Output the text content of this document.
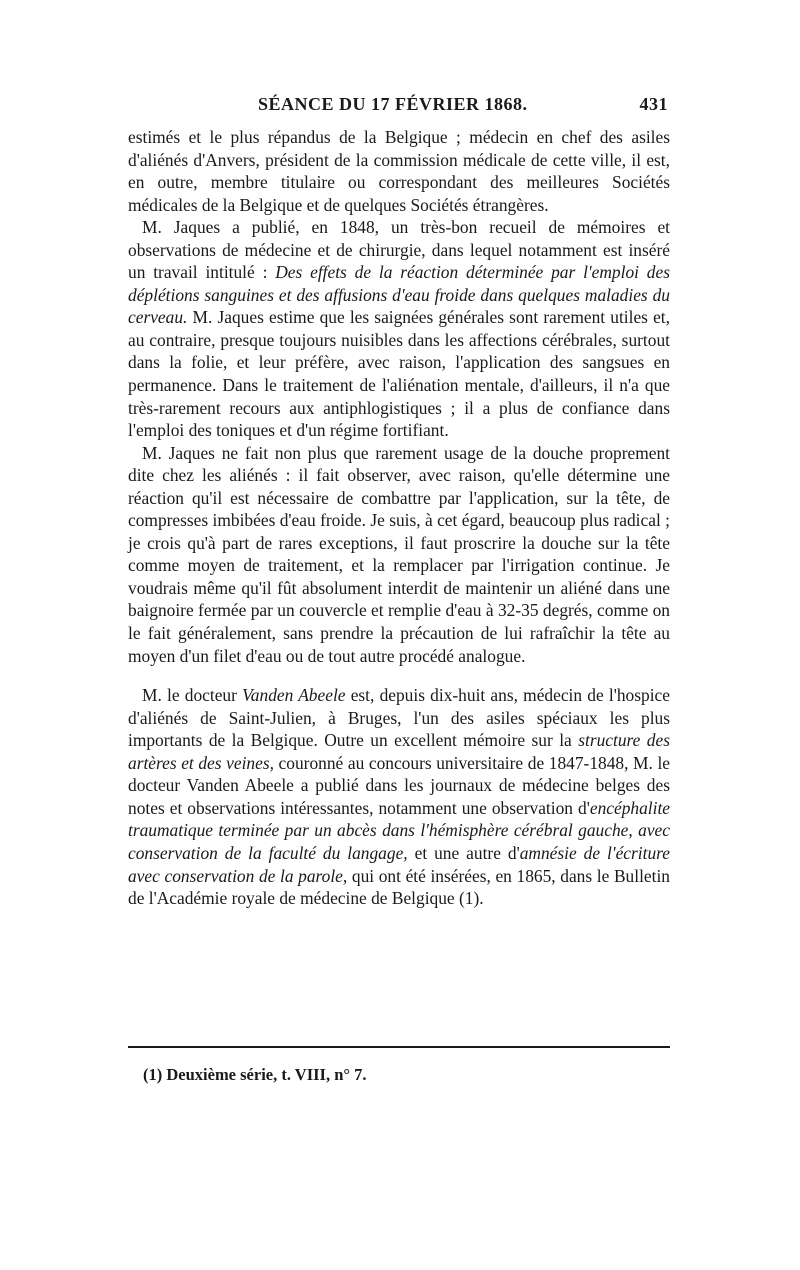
SÉANCE DU 17 FÉVRIER 1868.	431

estimés et le plus répandus de la Belgique ; médecin en chef des asiles d'aliénés d'Anvers, président de la commission médicale de cette ville, il est, en outre, membre titulaire ou correspondant des meilleures Sociétés médicales de la Belgique et de quelques Sociétés étrangères.

M. Jaques a publié, en 1848, un très-bon recueil de mémoires et observations de médecine et de chirurgie, dans lequel notamment est inséré un travail intitulé : Des effets de la réaction déterminée par l'emploi des déplétions sanguines et des affusions d'eau froide dans quelques maladies du cerveau. M. Jaques estime que les saignées générales sont rarement utiles et, au contraire, presque toujours nuisibles dans les affections cérébrales, surtout dans la folie, et leur préfère, avec raison, l'application des sangsues en permanence. Dans le traitement de l'aliénation mentale, d'ailleurs, il n'a que très-rarement recours aux antiphlogistiques ; il a plus de confiance dans l'emploi des toniques et d'un régime fortifiant.

M. Jaques ne fait non plus que rarement usage de la douche proprement dite chez les aliénés : il fait observer, avec raison, qu'elle détermine une réaction qu'il est nécessaire de combattre par l'application, sur la tête, de compresses imbibées d'eau froide. Je suis, à cet égard, beaucoup plus radical ; je crois qu'à part de rares exceptions, il faut proscrire la douche sur la tête comme moyen de traitement, et la remplacer par l'irrigation continue. Je voudrais même qu'il fût absolument interdit de maintenir un aliéné dans une baignoire fermée par un couvercle et remplie d'eau à 32-35 degrés, comme on le fait généralement, sans prendre la précaution de lui rafraîchir la tête au moyen d'un filet d'eau ou de tout autre procédé analogue.

M. le docteur Vanden Abeele est, depuis dix-huit ans, médecin de l'hospice d'aliénés de Saint-Julien, à Bruges, l'un des asiles spéciaux les plus importants de la Belgique. Outre un excellent mémoire sur la structure des artères et des veines, couronné au concours universitaire de 1847-1848, M. le docteur Vanden Abeele a publié dans les journaux de médecine belges des notes et observations intéressantes, notamment une observation d'encéphalite traumatique terminée par un abcès dans l'hémisphère cérébral gauche, avec conservation de la faculté du langage, et une autre d'amnésie de l'écriture avec conservation de la parole, qui ont été insérées, en 1865, dans le Bulletin de l'Académie royale de médecine de Belgique (1).

(1) Deuxième série, t. VIII, n° 7.
